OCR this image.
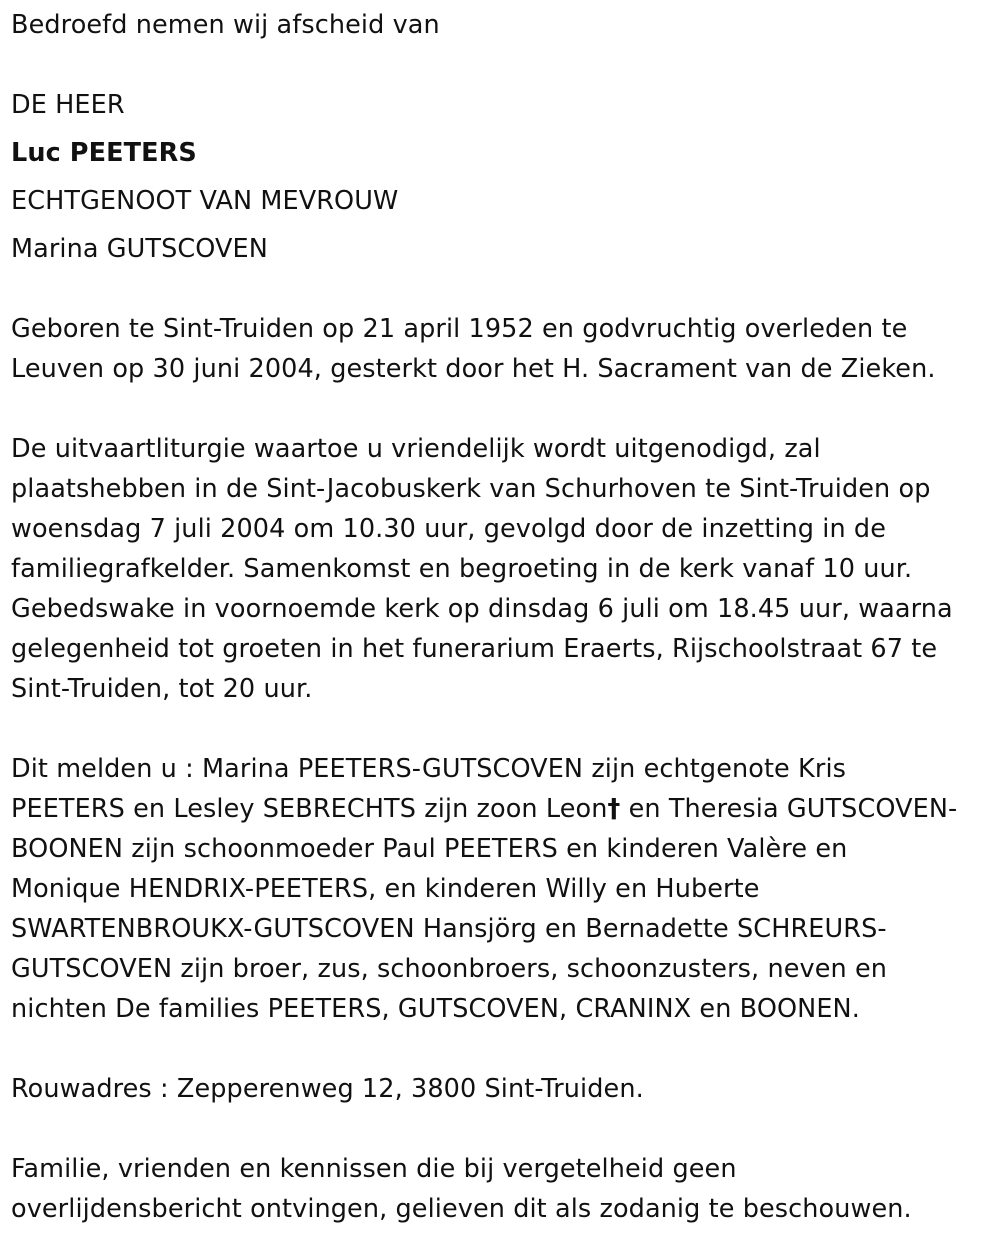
Bedroefd nemen wij afscheid van
DE HEER
Luc PEETERS
ECHTGENOOT VAN MEVROUW
Marina GUTSCOVEN
Geboren te Sint-Truiden op 21 april 1952 en godvruchtig overleden te
Leuven op 30 juni 2004, gesterkt door het H. Sacrament van de Zieken.
De uitvaartliturgie waartoe u vriendelijk wordt uitgenodigd, zal
plaatshebben in de Sint-Jacobuskerk van Schurhoven te Sint-Truiden op
woensdag 7 juli 2004 om 10.30 uur, gevolgd door de inzetting in de
familiegrafkelder. Samenkomst en begroeting in de kerk vanaf 10 uur.
Gebedswake in voornoemde kerk op dinsdag 6 juli om 18.45 uur, waarna
gelegenheid tot groeten in het funerarium Eraerts, Rijschoolstraat 67 te
Sint-Truiden, tot 20 uur.
Dit melden u : Marina PEETERS-GUTSCOVEN zijn echtgenote Kris
PEETERS en Lesley SEBRECHTS zijn zoon Leon† en Theresia GUTSCOVEN-
BOONEN zijn schoonmoeder Paul PEETERS en kinderen Valère en
Monique HENDRIX-PEETERS, en kinderen Willy en Huberte
SWARTENBROUKX-GUTSCOVEN Hansjörg en Bernadette SCHREURS-
GUTSCOVEN zijn broer, zus, schoonbroers, schoonzusters, neven en
nichten De families PEETERS, GUTSCOVEN, CRANINX en BOONEN.
Rouwadres : Zepperenweg 12, 3800 Sint-Truiden.
Familie, vrienden en kennissen die bij vergetelheid geen
overlijdensbericht ontvingen, gelieven dit als zodanig te beschouwen.
